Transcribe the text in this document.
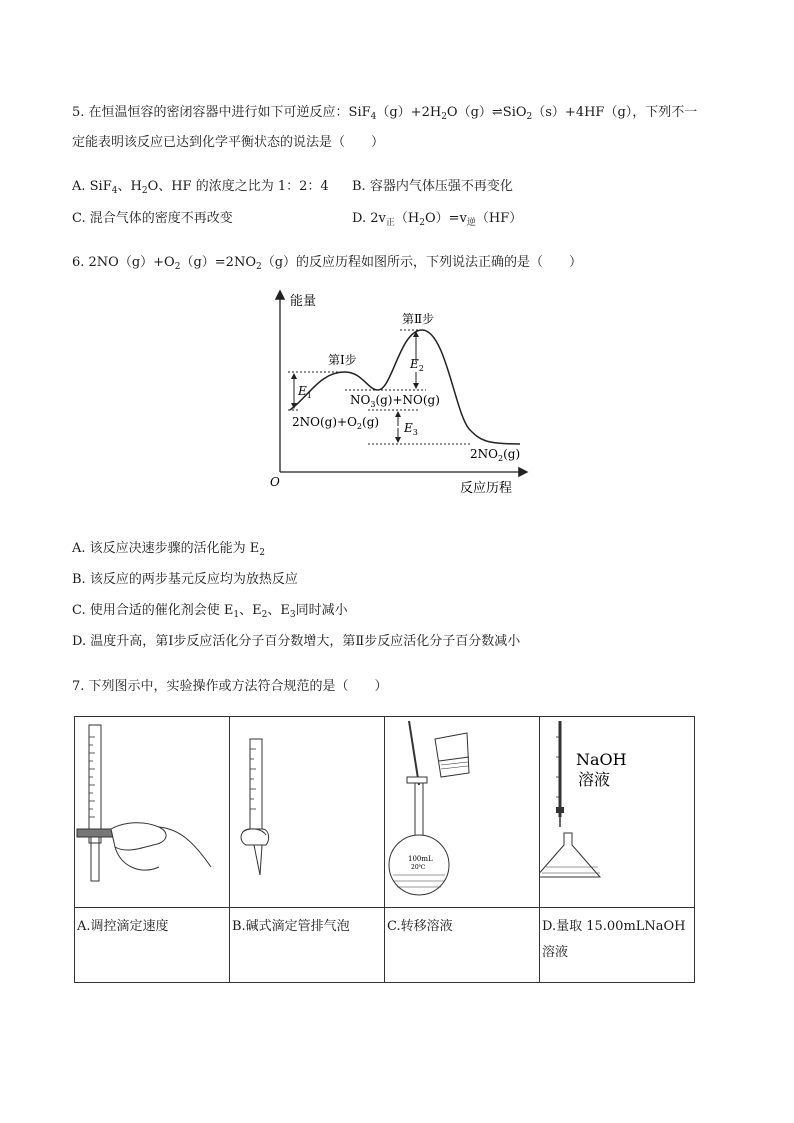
5. 在恒温恒容的密闭容器中进行如下可逆反应：$SiF_4(g)+2H_2O(g)\rightleftharpoons SiO_2(s)+4HF(g)$，下列不一
定能表明该反应已达到化学平衡状态的说法是（　　）
A. SiF$_4$、$H_2O$、HF 的浓度之比为 1：2：4 B. 容器内气体压强不再变化
C. 混合气体的密度不再改变	D. $2v_正(H_2O)=v_逆(HF)$
6. $2NO(g)+O_2(g)=2NO_2(g)$的反应历程如图所示，下列说法正确的是（　　）
能量
反应历程
O
$E_1$
$E_2$
$E_3$
第Ⅰ步
第Ⅱ步
$2NO(g)+O_2(g)$
$NO_3(g)+NO(g)$
$2NO_2(g)$
A. 该反应决速步骤的活化能为 $E_2$
B. 该反应的两步基元反应均为放热反应
C. 使用合适的催化剂会使 $E_1$、$E_2$、$E_3$同时减小
D. 温度升高，第Ⅰ步反应活化分子百分数增大，第Ⅱ步反应活化分子百分数减小
7. 下列图示中，实验操作或方法符合规范的是（　　）

100mL
20℃	NaOH
溶液

A.调控滴定速度	B.碱式滴定管排气泡	C.转移溶液	D.量取 15.00mLNaOH 溶液
